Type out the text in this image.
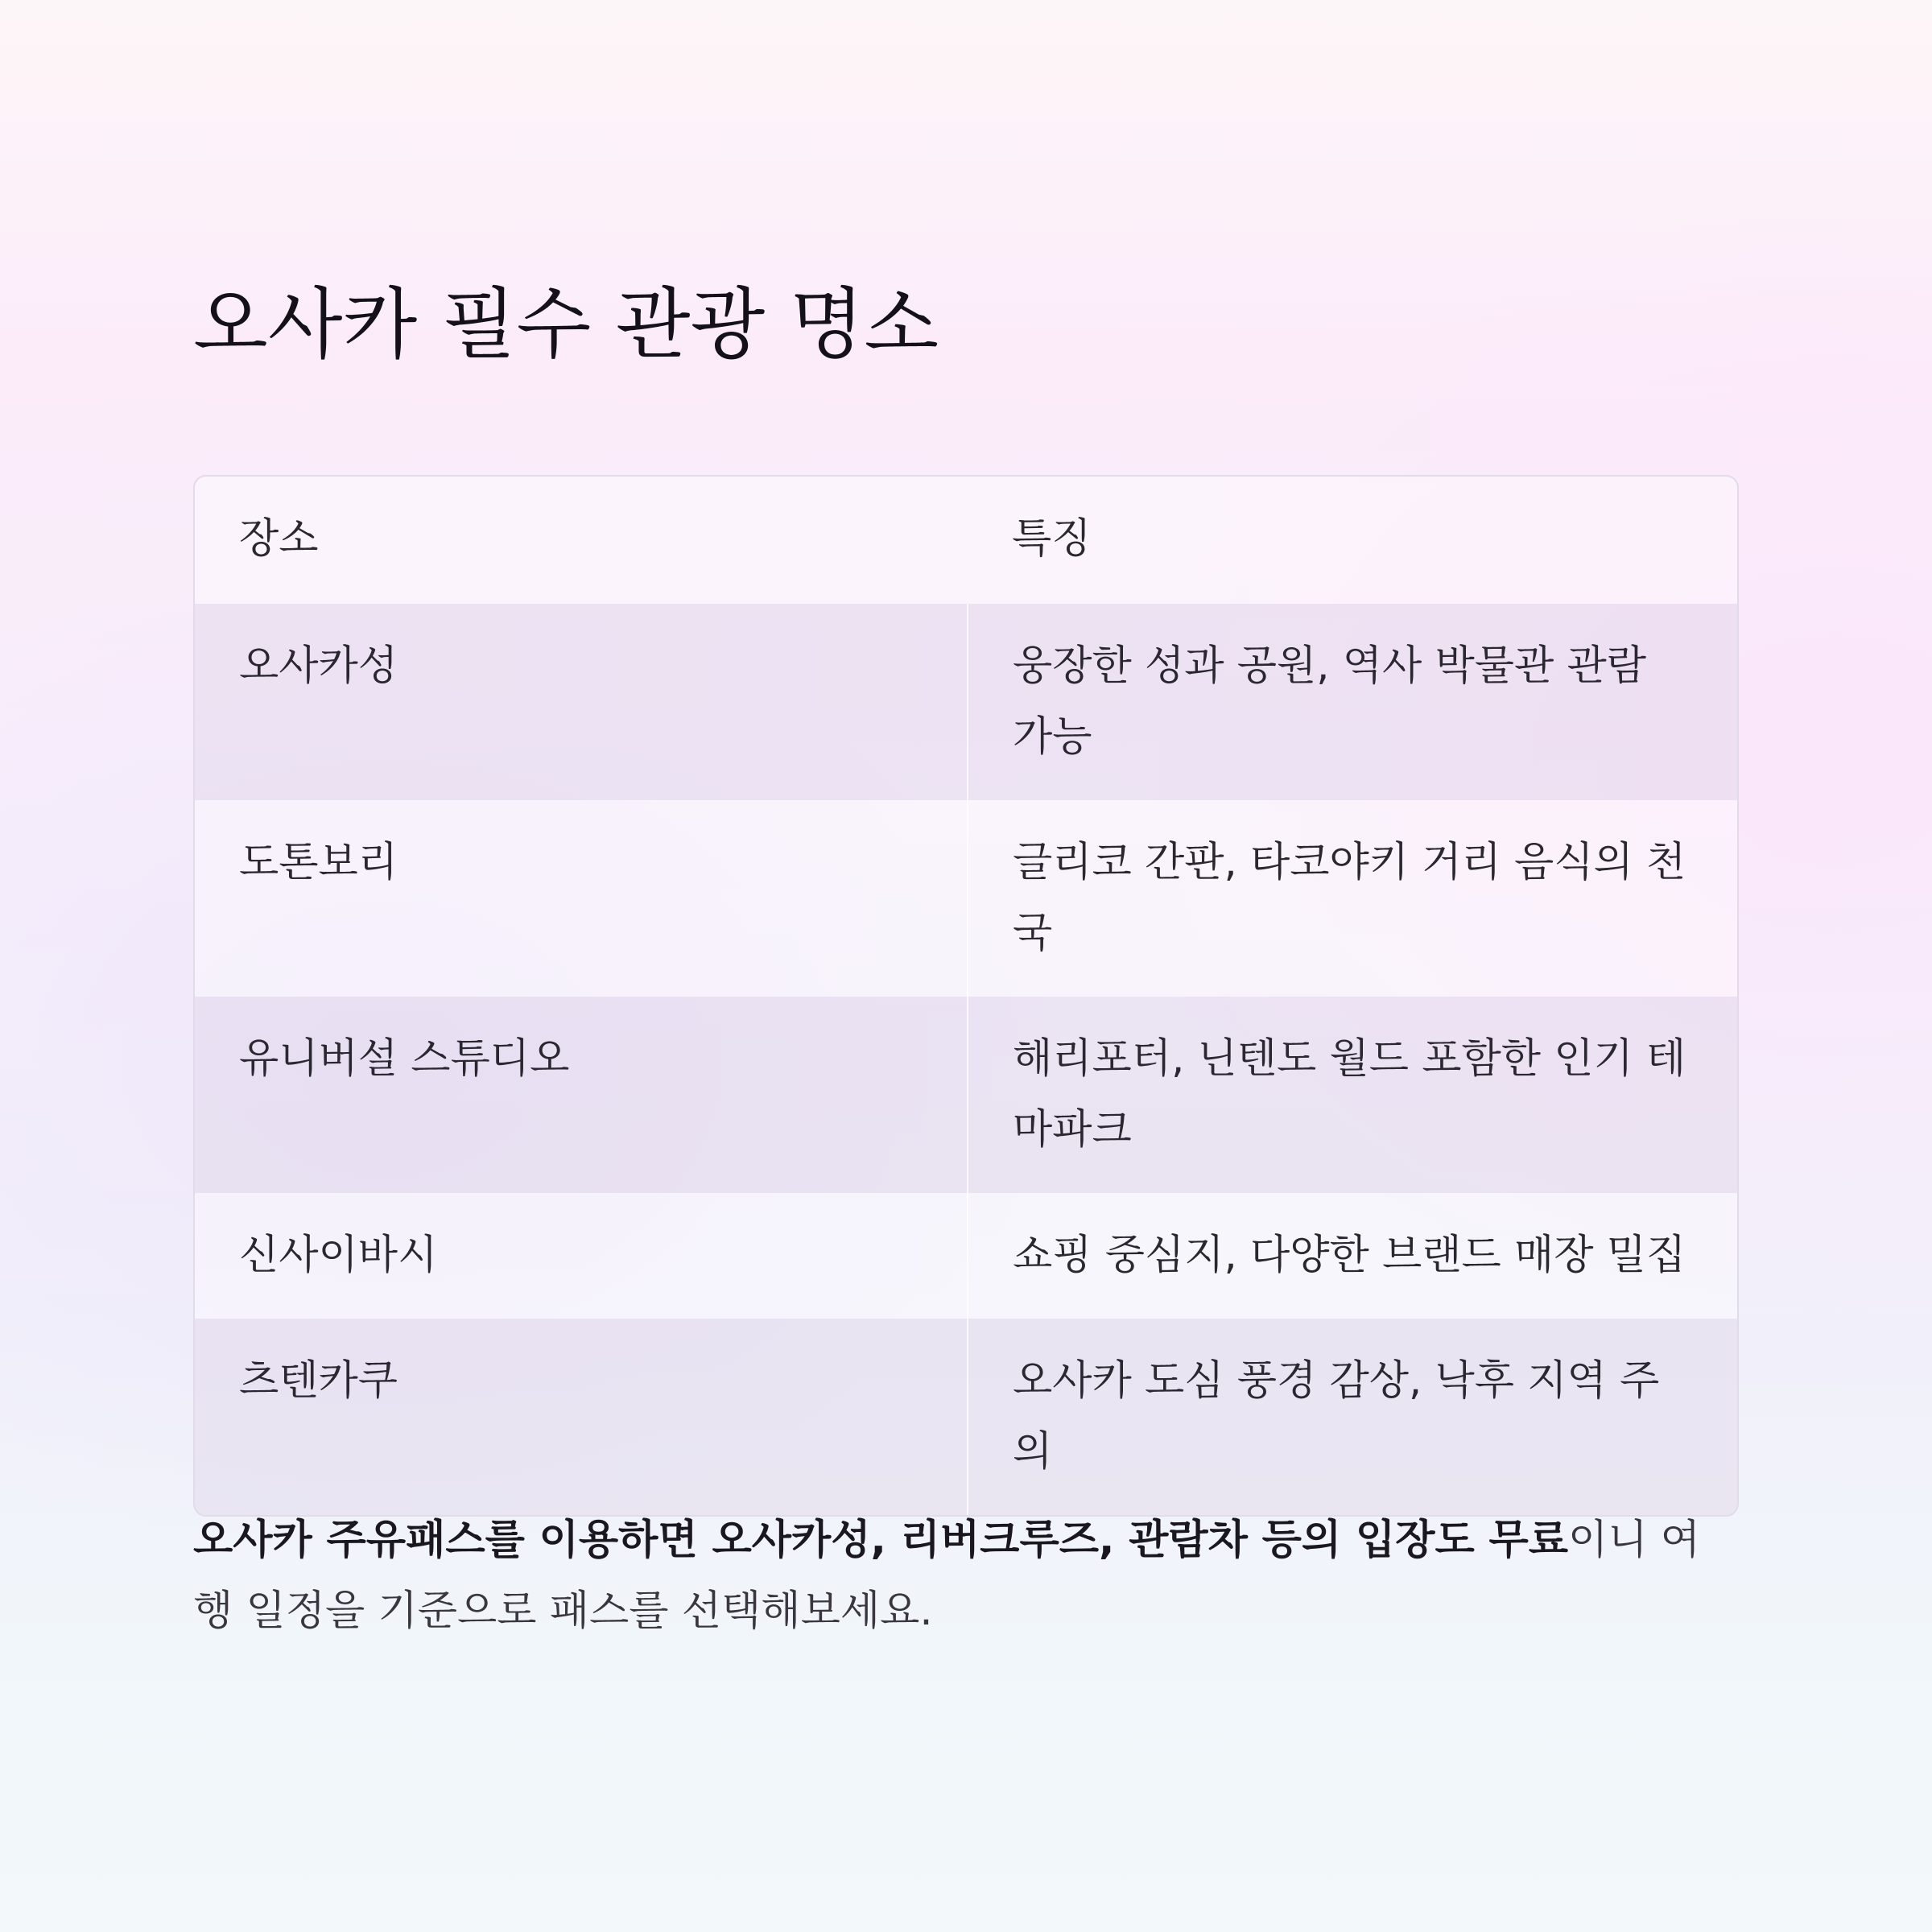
오사카 필수 관광 명소
장소	특징
오사카성	웅장한 성과 공원, 역사 박물관 관람 가능
도톤보리	글리코 간판, 타코야키 거리 음식의 천국
유니버설 스튜디오	해리포터, 닌텐도 월드 포함한 인기 테마파크
신사이바시	쇼핑 중심지, 다양한 브랜드 매장 밀집
츠텐카쿠	오사카 도심 풍경 감상, 낙후 지역 주의

오사카 주유패스를 이용하면 오사카성, 리버크루즈, 관람차 등의 입장도 무료이니 여행 일정을 기준으로 패스를 선택해보세요.
